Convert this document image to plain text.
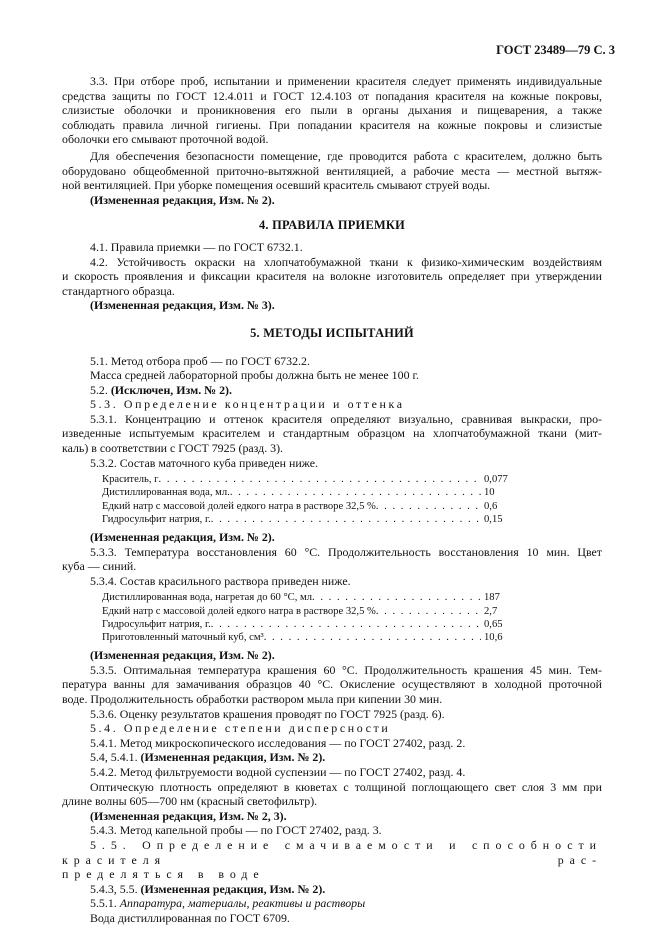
ГОСТ 23489—79 С. 3

3.3. При отборе проб, испытании и применении красителя следует применять индивидуальные

средства защиты по ГОСТ 12.4.011 и ГОСТ 12.4.103 от попадания красителя на кожные покровы,

слизистые оболочки и проникновения его пыли в органы дыхания и пищеварения, а также

соблюдать правила личной гигиены. При попадании красителя на кожные покровы и слизистые

оболочки его смывают проточной водой.

Для обеспечения безопасности помещение, где проводится работа с красителем, должно быть

оборудовано общеобменной приточно-вытяжной вентиляцией, а рабочие места — местной вытяж-

ной вентиляцией. При уборке помещения осевший краситель смывают струей воды.

(Измененная редакция, Изм. № 2).

4. ПРАВИЛА ПРИЕМКИ

4.1. Правила приемки — по ГОСТ 6732.1.

4.2. Устойчивость окраски на хлопчатобумажной ткани к физико-химическим воздействиям

и скорость проявления и фиксации красителя на волокне изготовитель определяет при утверждении

стандартного образца.

(Измененная редакция, Изм. № 3).

5. МЕТОДЫ ИСПЫТАНИЙ

5.1. Метод отбора проб — по ГОСТ 6732.2.

Масса средней лабораторной пробы должна быть не менее 100 г.

5.2. (Исключен, Изм. № 2).

5.3. Определение концентрации и оттенка

5.3.1. Концентрацию и оттенок красителя определяют визуально, сравнивая выкраски, про-

изведенные испытуемым красителем и стандартным образцом на хлопчатобумажной ткани (мит-

каль) в соответствии с ГОСТ 7925 (разд. 3).

5.3.2. Состав маточного куба приведен ниже.

Краситель, г . . .	0,077
Дистиллированная вода, мл. . . .	10
Едкий натр с массовой долей едкого натра в растворе 32,5 % . . .	0,6
Гидросульфит натрия, г. . . .	0,15

(Измененная редакция, Изм. № 2).

5.3.3. Температура восстановления 60 °С. Продолжительность восстановления 10 мин. Цвет

куба — синий.

5.3.4. Состав красильного раствора приведен ниже.

Дистиллированная вода, нагретая до 60 °С, мл . . .	187
Едкий натр с массовой долей едкого натра в растворе 32,5 % . . .	2,7
Гидросульфит натрия, г. . . .	0,65
Приготовленный маточный куб, см³ . . .	10,6

(Измененная редакция, Изм. № 2).

5.3.5. Оптимальная температура крашения 60 °С. Продолжительность крашения 45 мин. Тем-

пература ванны для замачивания образцов 40 °С. Окисление осуществляют в холодной проточной

воде. Продолжительность обработки раствором мыла при кипении 30 мин.

5.3.6. Оценку результатов крашения проводят по ГОСТ 7925 (разд. 6).

5.4. Определение степени дисперсности

5.4.1. Метод микроскопического исследования — по ГОСТ 27402, разд. 2.

5.4, 5.4.1. (Измененная редакция, Изм. № 2).

5.4.2. Метод фильтруемости водной суспензии — по ГОСТ 27402, разд. 4.

Оптическую плотность определяют в кюветах с толщиной поглощающего свет слоя 3 мм при

длине волны 605—700 нм (красный светофильтр).

(Измененная редакция, Изм. № 2, 3).

5.4.3. Метод капельной пробы — по ГОСТ 27402, разд. 3.

5.5. Определение смачиваемости и способности красителя рас-

пределяться в воде

5.4.3, 5.5. (Измененная редакция, Изм. № 2).

5.5.1. Аппаратура, материалы, реактивы и растворы

Вода дистиллированная по ГОСТ 6709.
